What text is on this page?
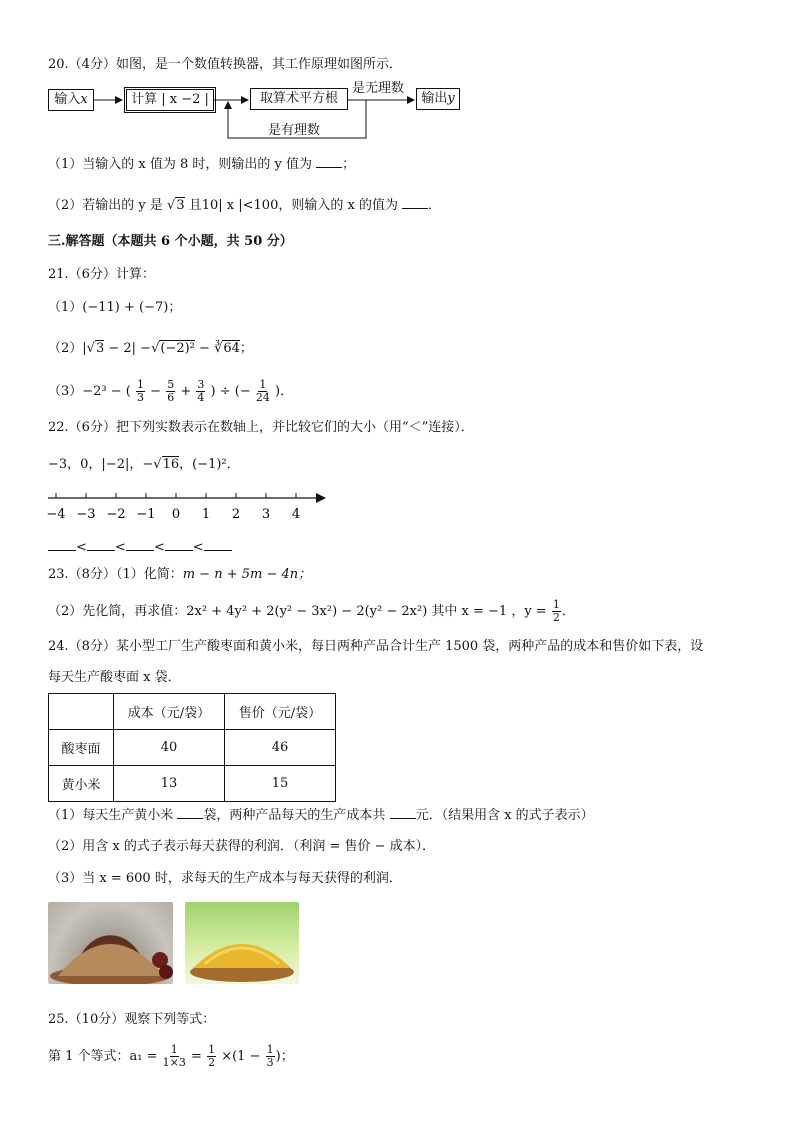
20.（4分）如图，是一个数值转换器，其工作原理如图所示．
输入x	计算 | x −2 |	取算术平方根	输出y
是无理数
是有理数
（1）当输入的 x 值为 8 时，则输出的 y 值为 ；
（2）若输出的 y 是 √3 且10| x |<100，则输入的 x 的值为 ．
三.解答题（本题共 6 个小题，共 50 分）
21.（6分）计算：
（1）(−11) + (−7)；
（2）|√3 − 2| −√(−2)² − ∛64；
（3）−2³ − ( $\frac{1}{3} - \frac{5}{6} + \frac{3}{4}$ ) ÷ (− $\frac{1}{24}$ )．
22.（6分）把下列实数表示在数轴上，并比较它们的大小（用“＜”连接）．
−3，0，|−2|，−√16，(−1)²．
−4 −3 −2 −1 0 1 2 3 4
< < < <
23.（8分）（1）化简：m − n + 5m − 4n；
（2）先化简，再求值：2x² + 4y² + 2(y² − 3x²) − 2(y² − 2x²) 其中 x = −1 ，$y = \frac{1}{2}$ ．
24.（8分）某小型工厂生产酸枣面和黄小米，每日两种产品合计生产 1500 袋，两种产品的成本和售价如下表，设
每天生产酸枣面 x 袋．
	成本（元/袋）	售价（元/袋）
酸枣面	40	46
黄小米	13	15
（1）每天生产黄小米 袋，两种产品每天的生产成本共 元．（结果用含 x 的式子表示）
（2）用含 x 的式子表示每天获得的利润．（利润 = 售价 − 成本）．
（3）当 x = 600 时，求每天的生产成本与每天获得的利润．
25.（10分）观察下列等式：
第 1 个等式：$a_1 = \frac{1}{1\times 3} = \frac{1}{2} \times(1 - \frac{1}{3}$ )；
